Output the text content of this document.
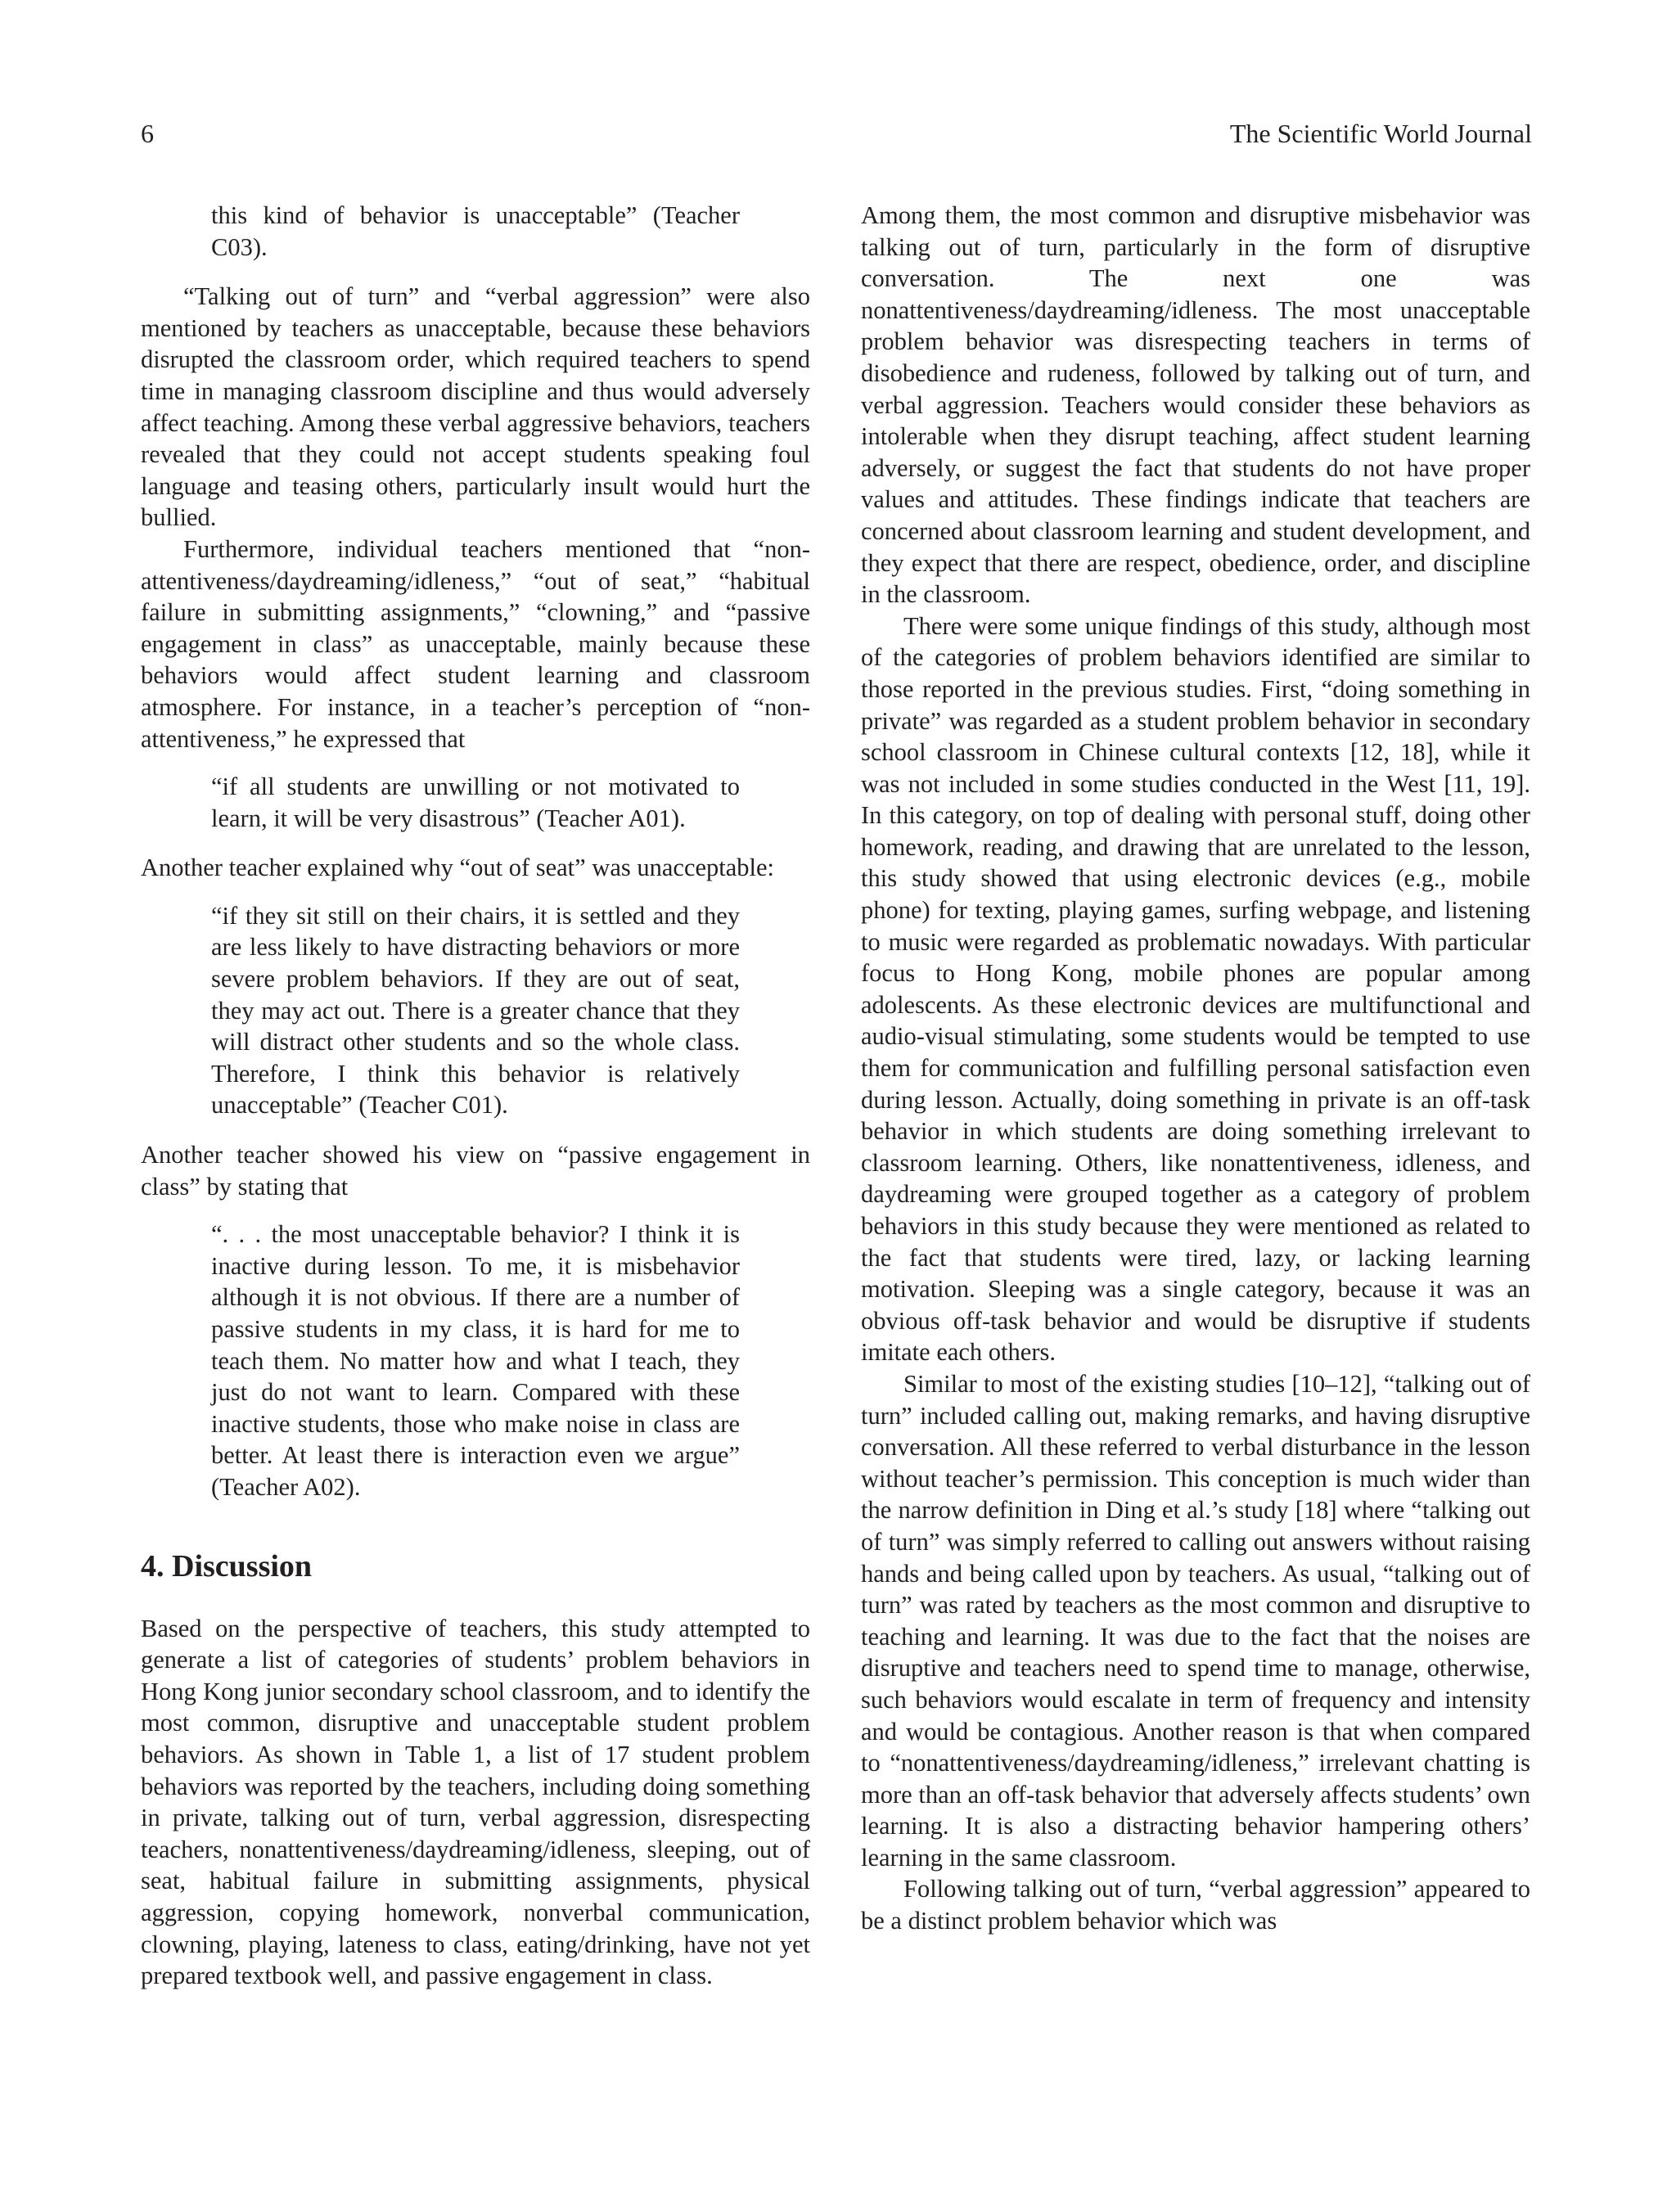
6	The Scientific World Journal
this kind of behavior is unacceptable” (Teacher C03).

“Talking out of turn” and “verbal aggression” were also mentioned by teachers as unacceptable, because these behaviors disrupted the classroom order, which required teachers to spend time in managing classroom discipline and thus would adversely affect teaching. Among these verbal aggressive behaviors, teachers revealed that they could not accept students speaking foul language and teasing others, particularly insult would hurt the bullied.

Furthermore, individual teachers mentioned that “non-attentiveness/daydreaming/idleness,” “out of seat,” “habitual failure in submitting assignments,” “clowning,” and “passive engagement in class” as unacceptable, mainly because these behaviors would affect student learning and classroom atmosphere. For instance, in a teacher’s perception of “non-attentiveness,” he expressed that

“if all students are unwilling or not motivated to learn, it will be very disastrous” (Teacher A01).

Another teacher explained why “out of seat” was unacceptable:

“if they sit still on their chairs, it is settled and they are less likely to have distracting behaviors or more severe problem behaviors. If they are out of seat, they may act out. There is a greater chance that they will distract other students and so the whole class. Therefore, I think this behavior is relatively unacceptable” (Teacher C01).

Another teacher showed his view on “passive engagement in class” by stating that

“. . . the most unacceptable behavior? I think it is inactive during lesson. To me, it is misbehavior although it is not obvious. If there are a number of passive students in my class, it is hard for me to teach them. No matter how and what I teach, they just do not want to learn. Compared with these inactive students, those who make noise in class are better. At least there is interaction even we argue” (Teacher A02).
4. Discussion

Based on the perspective of teachers, this study attempted to generate a list of categories of students’ problem behaviors in Hong Kong junior secondary school classroom, and to identify the most common, disruptive and unacceptable student problem behaviors. As shown in Table 1, a list of 17 student problem behaviors was reported by the teachers, including doing something in private, talking out of turn, verbal aggression, disrespecting teachers, nonattentiveness/daydreaming/idleness, sleeping, out of seat, habitual failure in submitting assignments, physical aggression, copying homework, nonverbal communication, clowning, playing, lateness to class, eating/drinking, have not yet prepared textbook well, and passive engagement in class.

Among them, the most common and disruptive misbehavior was talking out of turn, particularly in the form of disruptive conversation. The next one was nonattentiveness/daydreaming/idleness. The most unacceptable problem behavior was disrespecting teachers in terms of disobedience and rudeness, followed by talking out of turn, and verbal aggression. Teachers would consider these behaviors as intolerable when they disrupt teaching, affect student learning adversely, or suggest the fact that students do not have proper values and attitudes. These findings indicate that teachers are concerned about classroom learning and student development, and they expect that there are respect, obedience, order, and discipline in the classroom.

There were some unique findings of this study, although most of the categories of problem behaviors identified are similar to those reported in the previous studies. First, “doing something in private” was regarded as a student problem behavior in secondary school classroom in Chinese cultural contexts [12, 18], while it was not included in some studies conducted in the West [11, 19]. In this category, on top of dealing with personal stuff, doing other homework, reading, and drawing that are unrelated to the lesson, this study showed that using electronic devices (e.g., mobile phone) for texting, playing games, surfing webpage, and listening to music were regarded as problematic nowadays. With particular focus to Hong Kong, mobile phones are popular among adolescents. As these electronic devices are multifunctional and audio-visual stimulating, some students would be tempted to use them for communication and fulfilling personal satisfaction even during lesson. Actually, doing something in private is an off-task behavior in which students are doing something irrelevant to classroom learning. Others, like nonattentiveness, idleness, and daydreaming were grouped together as a category of problem behaviors in this study because they were mentioned as related to the fact that students were tired, lazy, or lacking learning motivation. Sleeping was a single category, because it was an obvious off-task behavior and would be disruptive if students imitate each others.

Similar to most of the existing studies [10–12], “talking out of turn” included calling out, making remarks, and having disruptive conversation. All these referred to verbal disturbance in the lesson without teacher’s permission. This conception is much wider than the narrow definition in Ding et al.’s study [18] where “talking out of turn” was simply referred to calling out answers without raising hands and being called upon by teachers. As usual, “talking out of turn” was rated by teachers as the most common and disruptive to teaching and learning. It was due to the fact that the noises are disruptive and teachers need to spend time to manage, otherwise, such behaviors would escalate in term of frequency and intensity and would be contagious. Another reason is that when compared to “nonattentiveness/daydreaming/idleness,” irrelevant chatting is more than an off-task behavior that adversely affects students’ own learning. It is also a distracting behavior hampering others’ learning in the same classroom.

Following talking out of turn, “verbal aggression” appeared to be a distinct problem behavior which was
